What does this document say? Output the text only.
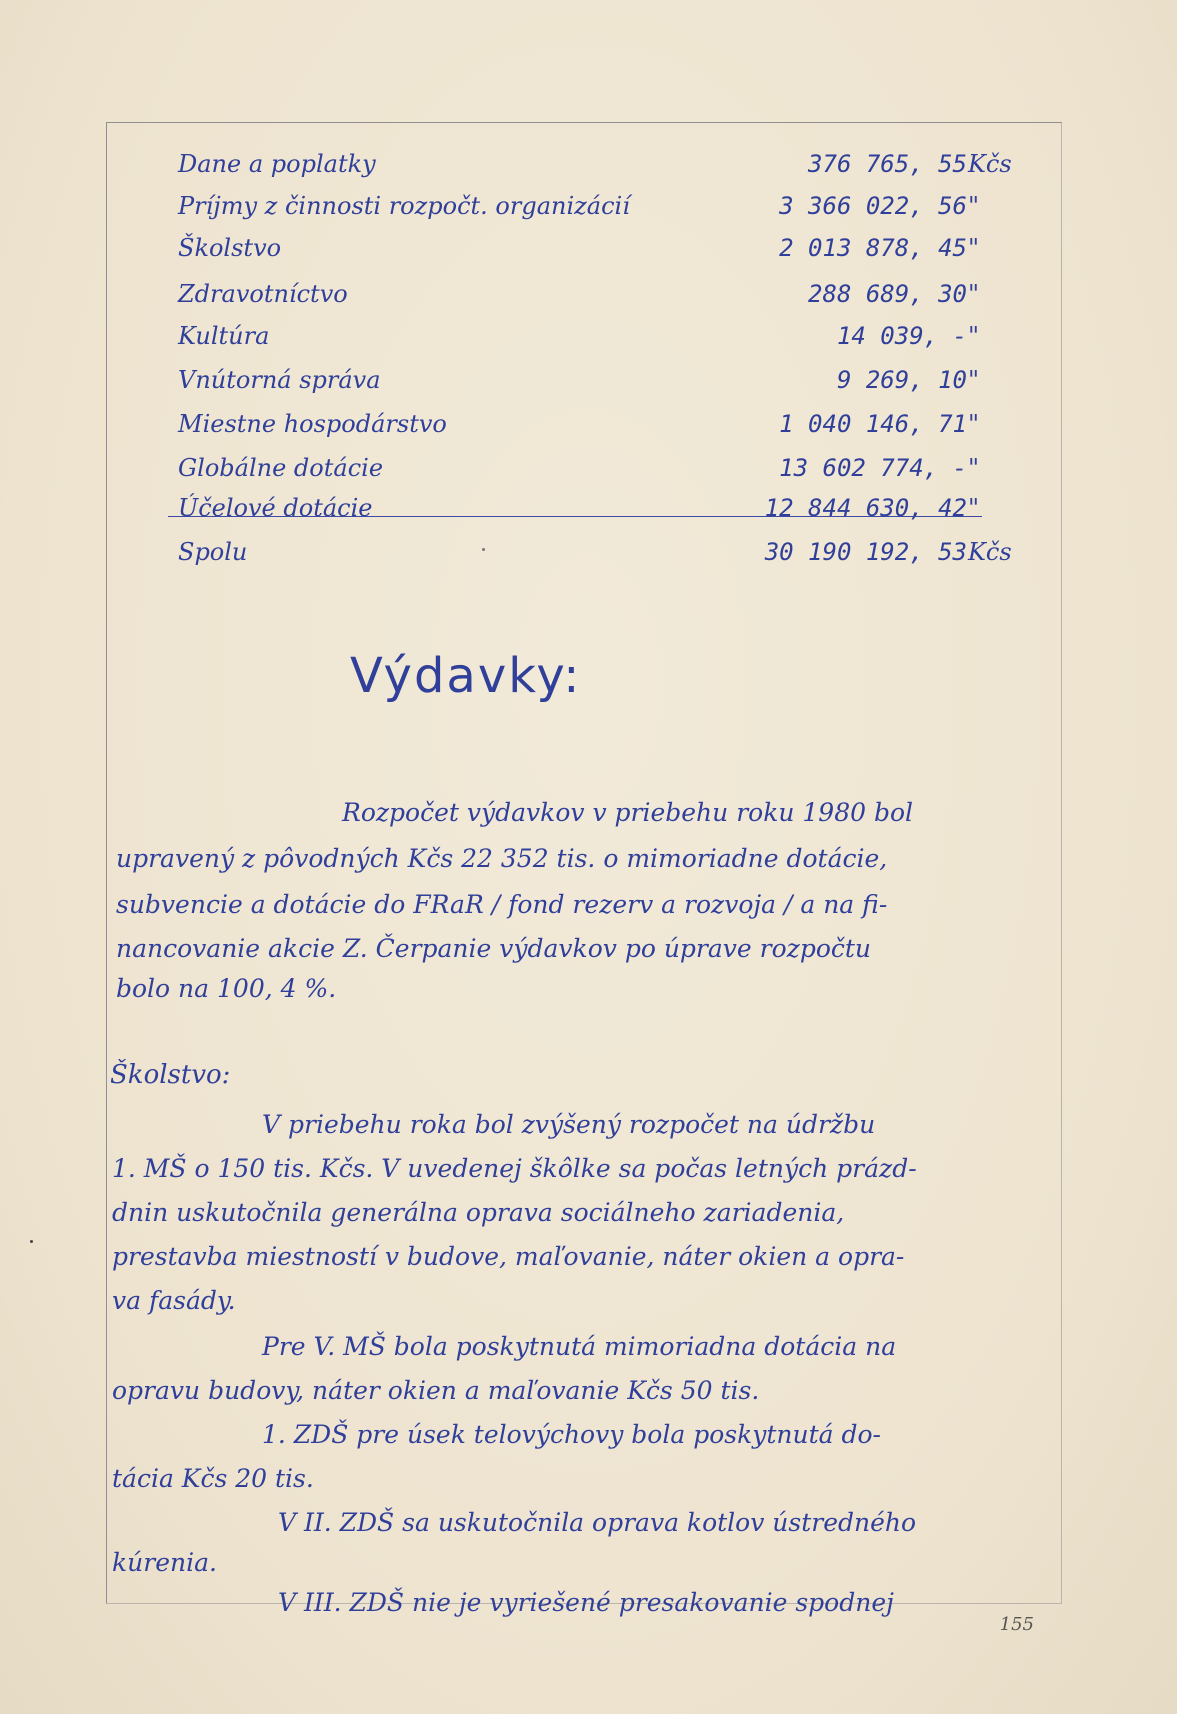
Dane a poplatky	376 765, 55 Kčs
Príjmy z činnosti rozpočt. organizácií	3 366 022, 56 "
Školstvo	2 013 878, 45 "
Zdravotníctvo	288 689, 30 "
Kultúra	14 039, - "
Vnútorná správa	9 269, 10 "
Miestne hospodárstvo	1 040 146, 71 "
Globálne dotácie	13 602 774, - "
Účelové dotácie	12 844 630, 42 "
Spolu	30 190 192, 53 Kčs
Výdavky:
Rozpočet výdavkov v priebehu roku 1980 bol
upravený z pôvodných Kčs 22 352 tis. o mimoriadne dotácie,
subvencie a dotácie do FRaR / fond rezerv a rozvoja / a na fi-
nancovanie akcie Z. Čerpanie výdavkov po úprave rozpočtu
bolo na 100, 4 %.
Školstvo:
V priebehu roka bol zvýšený rozpočet na údržbu
1. MŠ o 150 tis. Kčs. V uvedenej škôlke sa počas letných prázd-
dnin uskutočnila generálna oprava sociálneho zariadenia,
prestavba miestností v budove, maľovanie, náter okien a opra-
va fasády.
Pre V. MŠ bola poskytnutá mimoriadna dotácia na
opravu budovy, náter okien a maľovanie Kčs 50 tis.
1. ZDŠ pre úsek telovýchovy bola poskytnutá do-
tácia Kčs 20 tis.
V II. ZDŠ sa uskutočnila oprava kotlov ústredného
kúrenia.
V III. ZDŠ nie je vyriešené presakovanie spodnej
155
